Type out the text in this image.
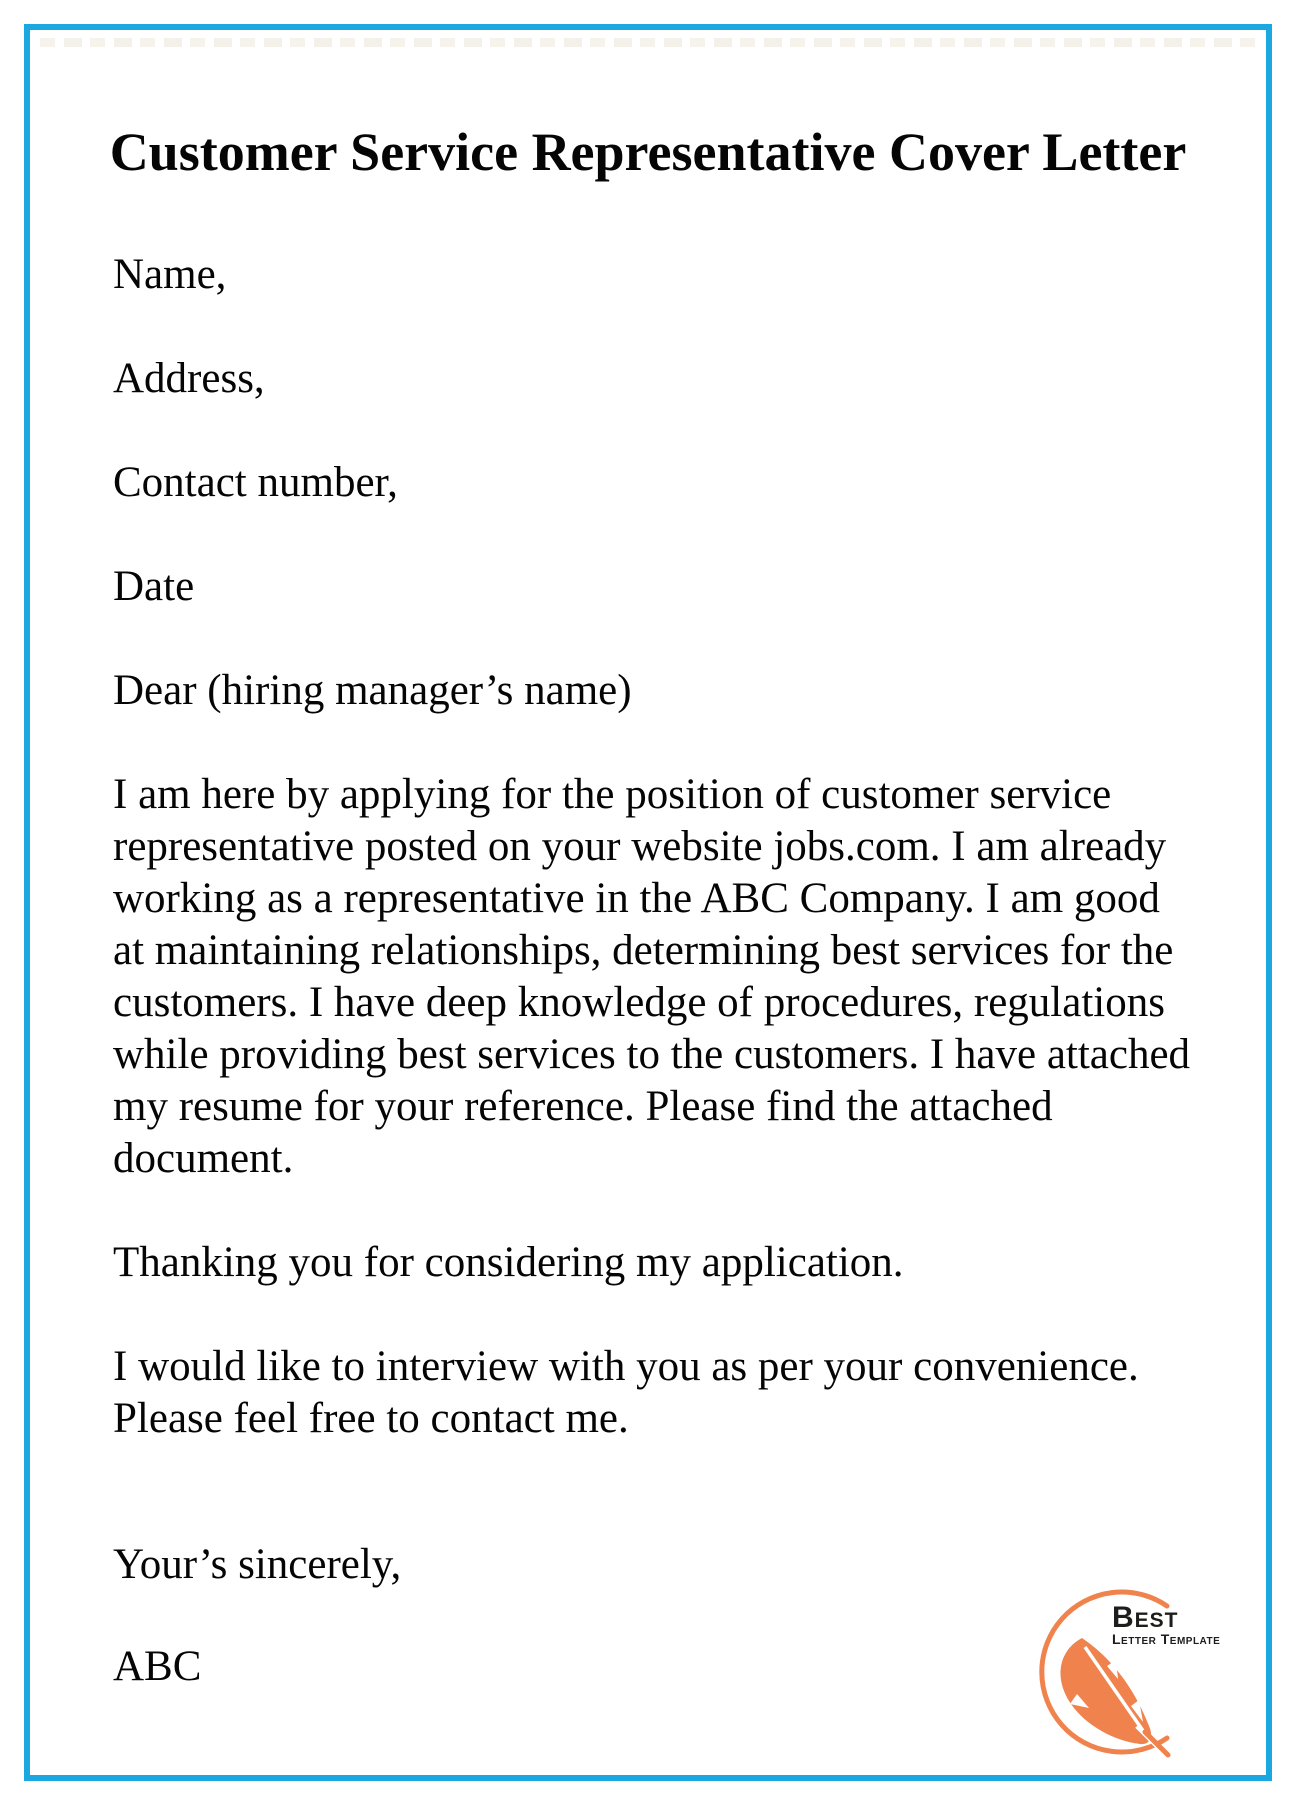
Customer Service Representative Cover Letter
Name,
Address,
Contact number,
Date
Dear (hiring manager’s name)
I am here by applying for the position of customer service
representative posted on your website jobs.com. I am already
working as a representative in the ABC Company. I am good
at maintaining relationships, determining best services for the
customers. I have deep knowledge of procedures, regulations
while providing best services to the customers. I have attached
my resume for your reference. Please find the attached
document.
Thanking you for considering my application.
I would like to interview with you as per your convenience.
Please feel free to contact me.
Your’s sincerely,
ABC
Best
Letter Template
